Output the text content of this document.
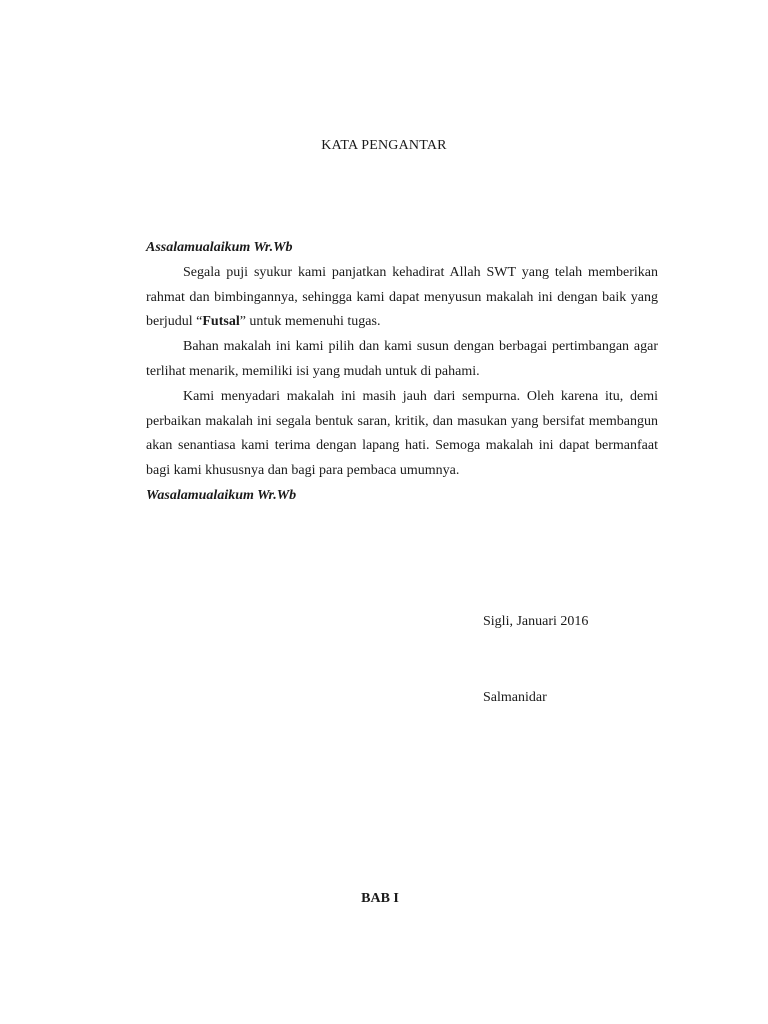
KATA PENGANTAR

Assalamualaikum Wr.Wb

Segala puji syukur kami panjatkan kehadirat Allah SWT yang telah memberikan rahmat dan bimbingannya, sehingga kami dapat menyusun makalah ini dengan baik yang berjudul “Futsal” untuk memenuhi tugas.

Bahan makalah ini kami pilih dan kami susun dengan berbagai pertimbangan agar terlihat menarik, memiliki isi yang mudah untuk di pahami.

Kami menyadari makalah ini masih jauh dari sempurna. Oleh karena itu, demi perbaikan makalah ini segala bentuk saran, kritik, dan masukan yang bersifat membangun akan senantiasa kami terima dengan lapang hati. Semoga makalah ini dapat bermanfaat bagi kami khususnya dan bagi para pembaca umumnya.

Wasalamualaikum Wr.Wb

Sigli, Januari 2016
Salmanidar
BAB I
